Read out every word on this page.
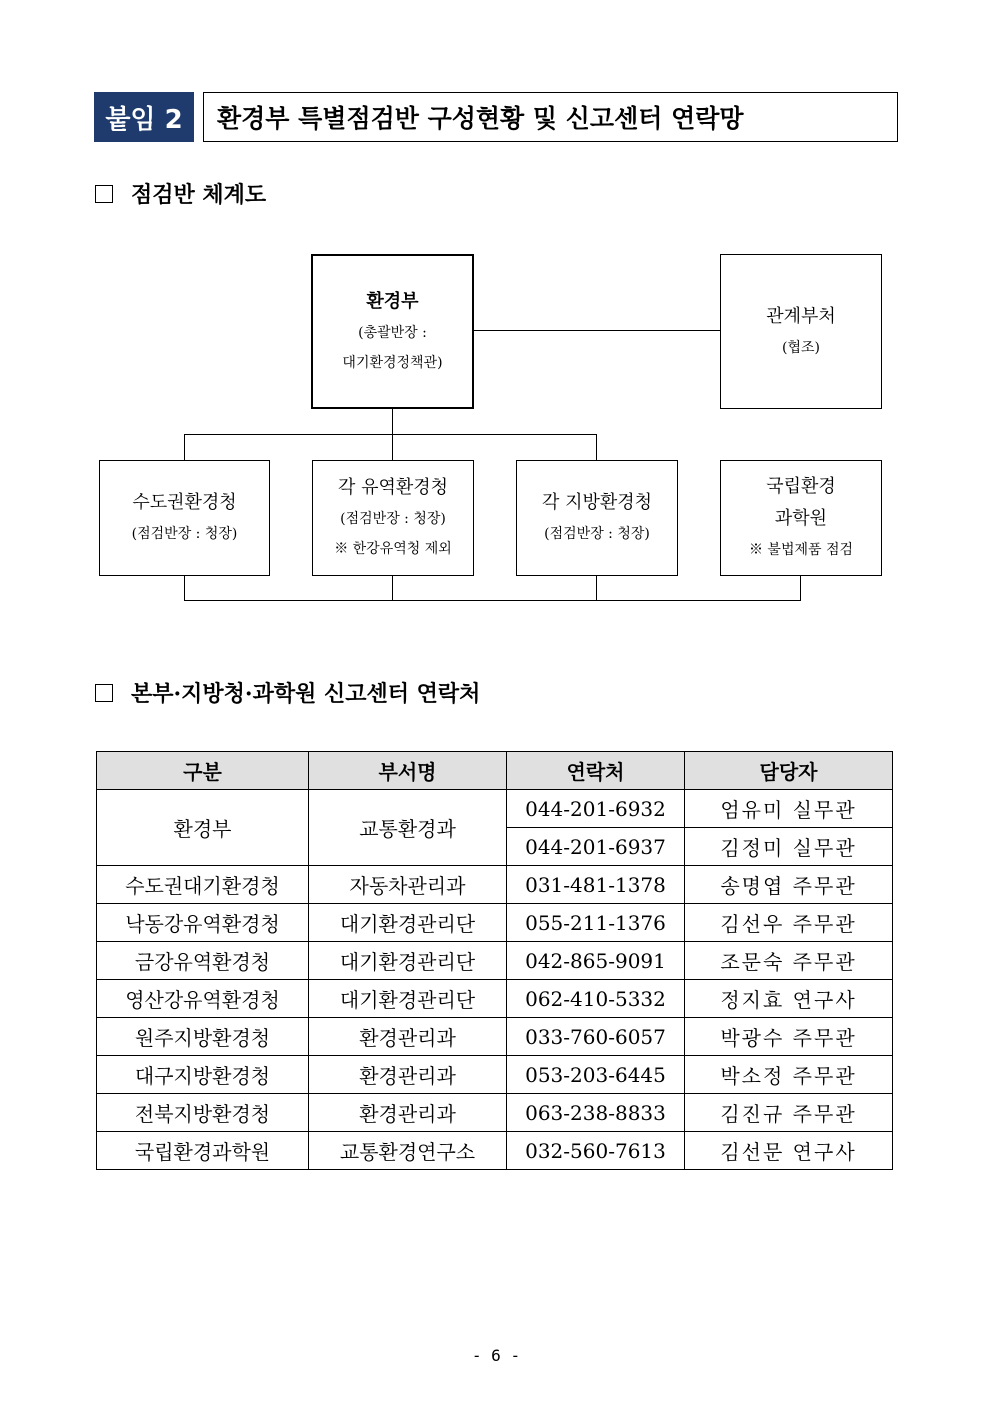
붙임 2	환경부 특별점검반 구성현황 및 신고센터 연락망
점검반 체계도
환경부
(총괄반장 :
대기환경정책관)
관계부처
(협조)
수도권환경청
(점검반장 : 청장)
각 유역환경청
(점검반장 : 청장)
※ 한강유역청 제외
각 지방환경청
(점검반장 : 청장)
국립환경
과학원
※ 불법제품 점검
본부·지방청·과학원 신고센터 연락처
구분	부서명	연락처	담당자
환경부	교통환경과	044-201-6932	엄유미 실무관
		044-201-6937	김정미 실무관
수도권대기환경청	자동차관리과	031-481-1378	송명엽 주무관
낙동강유역환경청	대기환경관리단	055-211-1376	김선우 주무관
금강유역환경청	대기환경관리단	042-865-9091	조문숙 주무관
영산강유역환경청	대기환경관리단	062-410-5332	정지효 연구사
원주지방환경청	환경관리과	033-760-6057	박광수 주무관
대구지방환경청	환경관리과	053-203-6445	박소정 주무관
전북지방환경청	환경관리과	063-238-8833	김진규 주무관
국립환경과학원	교통환경연구소	032-560-7613	김선문 연구사
- 6 -
